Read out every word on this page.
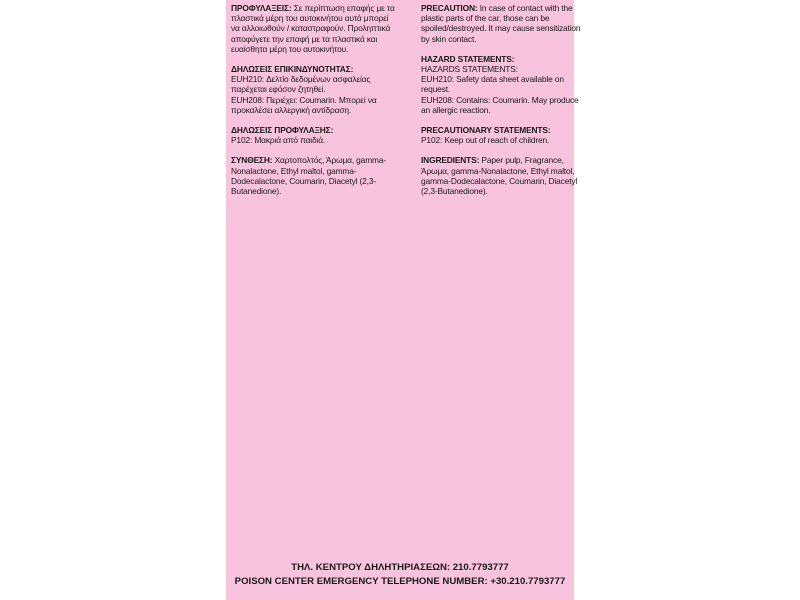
ΠΡΟΦΥΛΑΞΕΙΣ: Σε περίπτωση επαφής με τα πλαστικά μέρη του αυτοκινήτου αυτά μπορεί να αλλοιωθούν / καταστραφούν. Προληπτικά αποφύγετε την επαφή με τα πλαστικά και ευαίσθητα μέρη του αυτοκινήτου.

ΔΗΛΩΣΕΙΣ ΕΠΙΚΙΝΔΥΝΟΤΗΤΑΣ:
EUH210: Δελτίο δεδομένων ασφαλείας παρέχεται εφόσον ζητηθεί.
EUH208: Περιέχει: Coumarin. Μπορεί να προκαλέσει αλλεργική αντίδραση.

ΔΗΛΩΣΕΙΣ ΠΡΟΦΥΛΑΞΗΣ:
P102: Μακριά από παιδιά.

ΣΥΝΘΕΣΗ: Χαρτοπολτός, Άρωμα, gamma-Nonalactone, Ethyl maltol, gamma-Dodecalactone, Coumarin, Diacetyl (2,3-Butanedione).

PRECAUTION: In case of contact with the plastic parts of the car, those can be spoiled/destroyed. It may cause sensitization by skin contact.

HAZARD STATEMENTS:
HAZARDS STATEMENTS:
EUH210: Safety data sheet available on request.
EUH208: Contains: Coumarin. May produce an allergic reaction.

PRECAUTIONARY STATEMENTS:
P102: Keep out of reach of children.

INGREDIENTS: Paper pulp, Fragrance, Άρωμα, gamma-Nonalactone, Ethyl maltol, gamma-Dodecalactone, Coumarin, Diacetyl (2,3-Butanedione).

ΤΗΛ. ΚΕΝΤΡΟΥ ΔΗΛΗΤΗΡΙΑΣΕΩΝ: 210.7793777
POISON CENTER EMERGENCY TELEPHONE NUMBER: +30.210.7793777
